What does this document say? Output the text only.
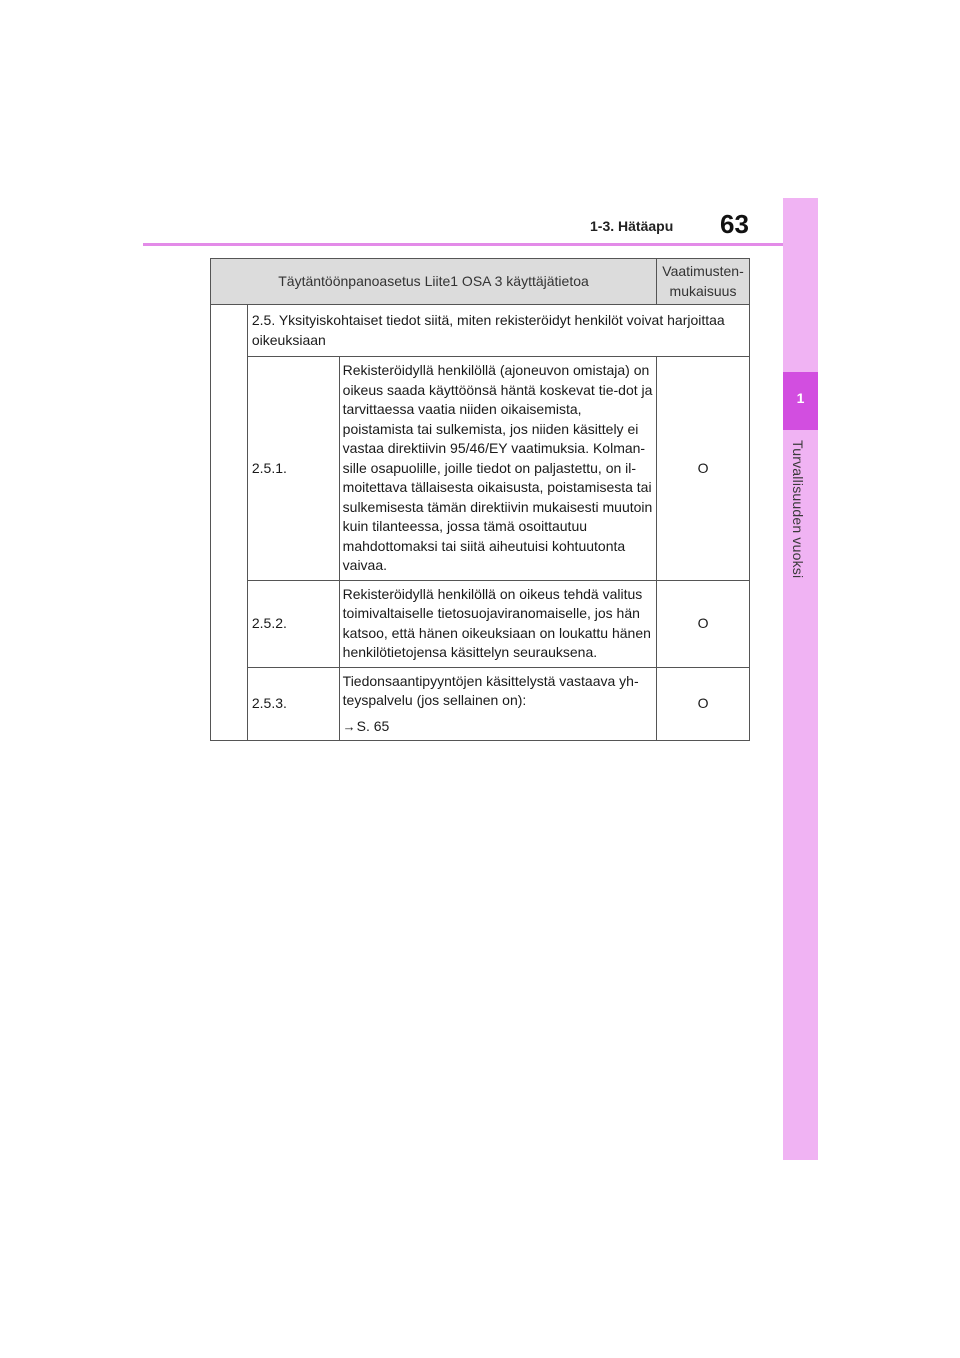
1
Turvallisuuden vuoksi
1-3. Hätäapu 63
Täytäntöönpanoasetus Liite1 OSA 3 käyttäjätietoa			Vaatimusten-
mukaisuus
	2.5. Yksityiskohtaiset tiedot siitä, miten rekisteröidyt henkilöt voivat harjoittaa oikeuksiaan		
	2.5.1.	Rekisteröidyllä henkilöllä (ajoneuvon omistaja) on oikeus saada käyttöönsä häntä koskevat tie-dot ja tarvittaessa vaatia niiden oikaisemista, poistamista tai sulkemista, jos niiden käsittely ei vastaa direktiivin 95/46/EY vaatimuksia. Kolman-sille osapuolille, joille tiedot on paljastettu, on il-moitettava tällaisesta oikaisusta, poistamisesta tai sulkemisesta tämän direktiivin mukaisesti muutoin kuin tilanteessa, jossa tämä osoittautuu mahdottomaksi tai siitä aiheutuisi kohtuutonta vaivaa.	O
	2.5.2.	Rekisteröidyllä henkilöllä on oikeus tehdä valitus toimivaltaiselle tietosuojaviranomaiselle, jos hän katsoo, että hänen oikeuksiaan on loukattu hänen henkilötietojensa käsittelyn seurauksena.	O
	2.5.3.	Tiedonsaantipyyntöjen käsittelystä vastaava yh-teyspalvelu (jos sellainen on):
→S. 65	O
